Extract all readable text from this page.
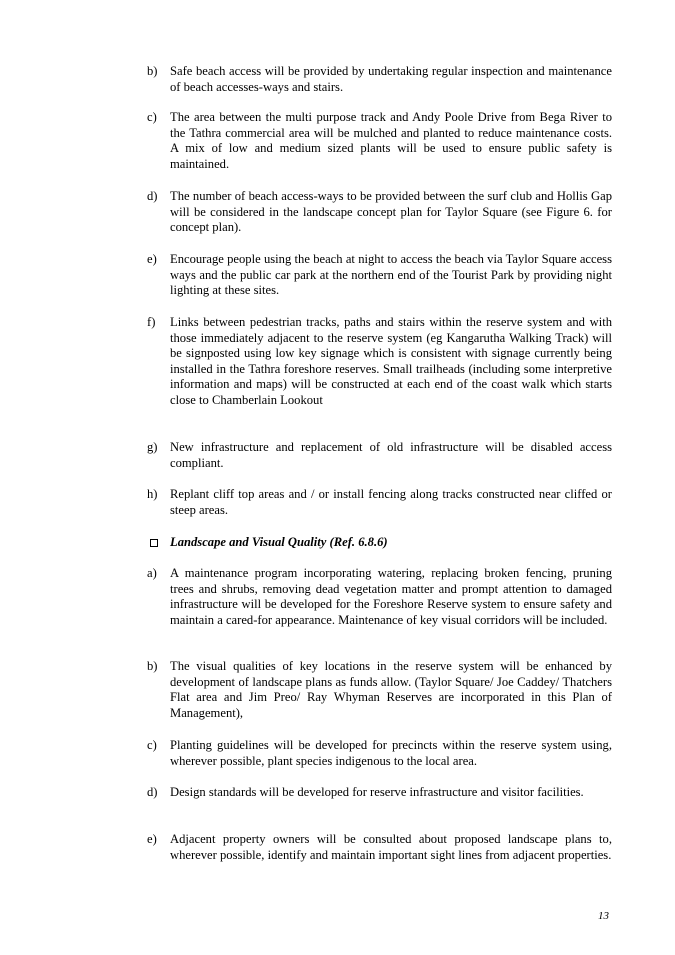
b) Safe beach access will be provided by undertaking regular inspection and maintenance of beach accesses-ways and stairs.
c)	The area between the multi purpose track and Andy Poole Drive from Bega River to the Tathra commercial area will be mulched and planted to reduce maintenance costs. A mix of low and medium sized plants will be used to ensure public safety is maintained.
d) The number of beach access-ways to be provided between the surf club and Hollis Gap will be considered in the landscape concept plan for Taylor Square (see Figure 6. for concept plan).
e)	Encourage people using the beach at night to access the beach via Taylor Square access ways and the public car park at the northern end of the Tourist Park by providing night lighting at these sites.
f)	Links between pedestrian tracks, paths and stairs within the reserve system and with those immediately adjacent to the reserve system (eg Kangarutha Walking Track) will be signposted using low key signage which is consistent with signage currently being installed in the Tathra foreshore reserves. Small trailheads (including some interpretive information and maps) will be constructed at each end of the coast walk which starts close to Chamberlain Lookout
g) New infrastructure and replacement of old infrastructure will be disabled access compliant.
h) Replant cliff top areas and / or install fencing along tracks constructed near cliffed or steep areas.
Landscape and Visual Quality (Ref. 6.8.6)
a)	A maintenance program incorporating watering, replacing broken fencing, pruning trees and shrubs, removing dead vegetation matter and prompt attention to damaged infrastructure will be developed for the Foreshore Reserve system to ensure safety and maintain a cared-for appearance. Maintenance of key visual corridors will be included.
b) The visual qualities of key locations in the reserve system will be enhanced by development of landscape plans as funds allow. (Taylor Square/ Joe Caddey/ Thatchers Flat area and Jim Preo/ Ray Whyman Reserves are incorporated in this Plan of Management),
c)	Planting guidelines will be developed for precincts within the reserve system using, wherever possible, plant species indigenous to the local area.
d) Design standards will be developed for reserve infrastructure and visitor facilities.
e)	Adjacent property owners will be consulted about proposed landscape plans to, wherever possible, identify and maintain important sight lines from adjacent properties.
13
